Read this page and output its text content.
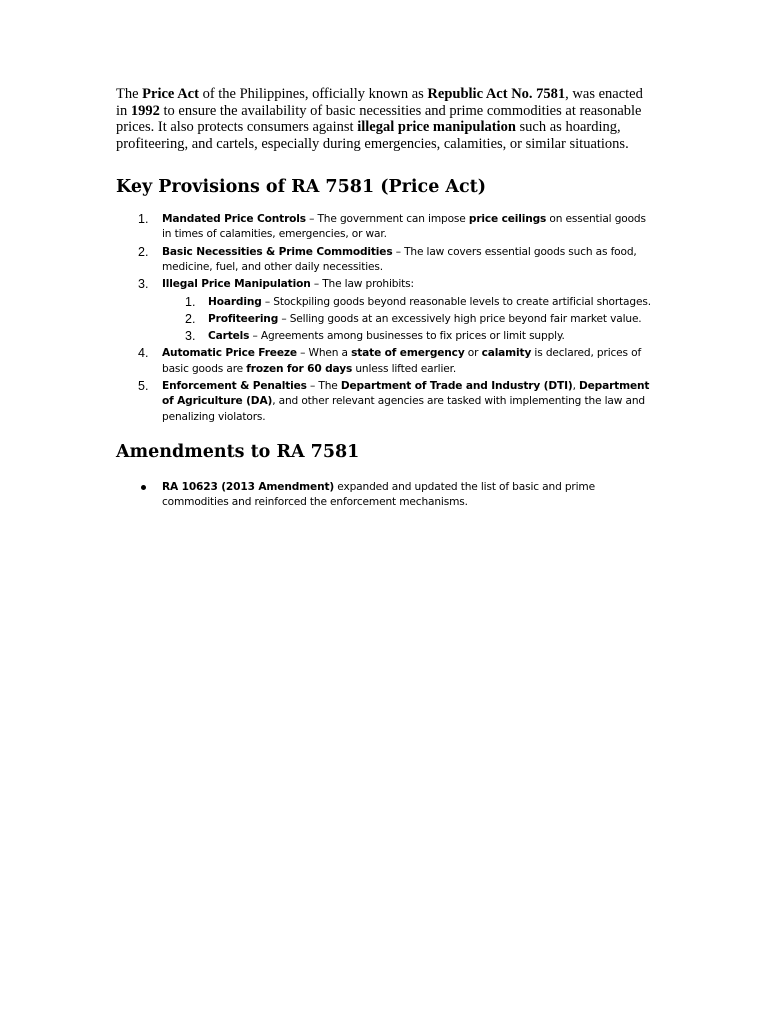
The Price Act of the Philippines, officially known as Republic Act No. 7581, was enacted in 1992 to ensure the availability of basic necessities and prime commodities at reasonable prices. It also protects consumers against illegal price manipulation such as hoarding, profiteering, and cartels, especially during emergencies, calamities, or similar situations.

Key Provisions of RA 7581 (Price Act)
1. Mandated Price Controls – The government can impose price ceilings on essential goods in times of calamities, emergencies, or war.
2. Basic Necessities & Prime Commodities – The law covers essential goods such as food, medicine, fuel, and other daily necessities.
3. Illegal Price Manipulation – The law prohibits:
1. Hoarding – Stockpiling goods beyond reasonable levels to create artificial shortages.
2. Profiteering – Selling goods at an excessively high price beyond fair market value.
3. Cartels – Agreements among businesses to fix prices or limit supply.
4. Automatic Price Freeze – When a state of emergency or calamity is declared, prices of basic goods are frozen for 60 days unless lifted earlier.
5. Enforcement & Penalties – The Department of Trade and Industry (DTI), Department of Agriculture (DA), and other relevant agencies are tasked with implementing the law and penalizing violators.
Amendments to RA 7581
RA 10623 (2013 Amendment) expanded and updated the list of basic and prime commodities and reinforced the enforcement mechanisms.
